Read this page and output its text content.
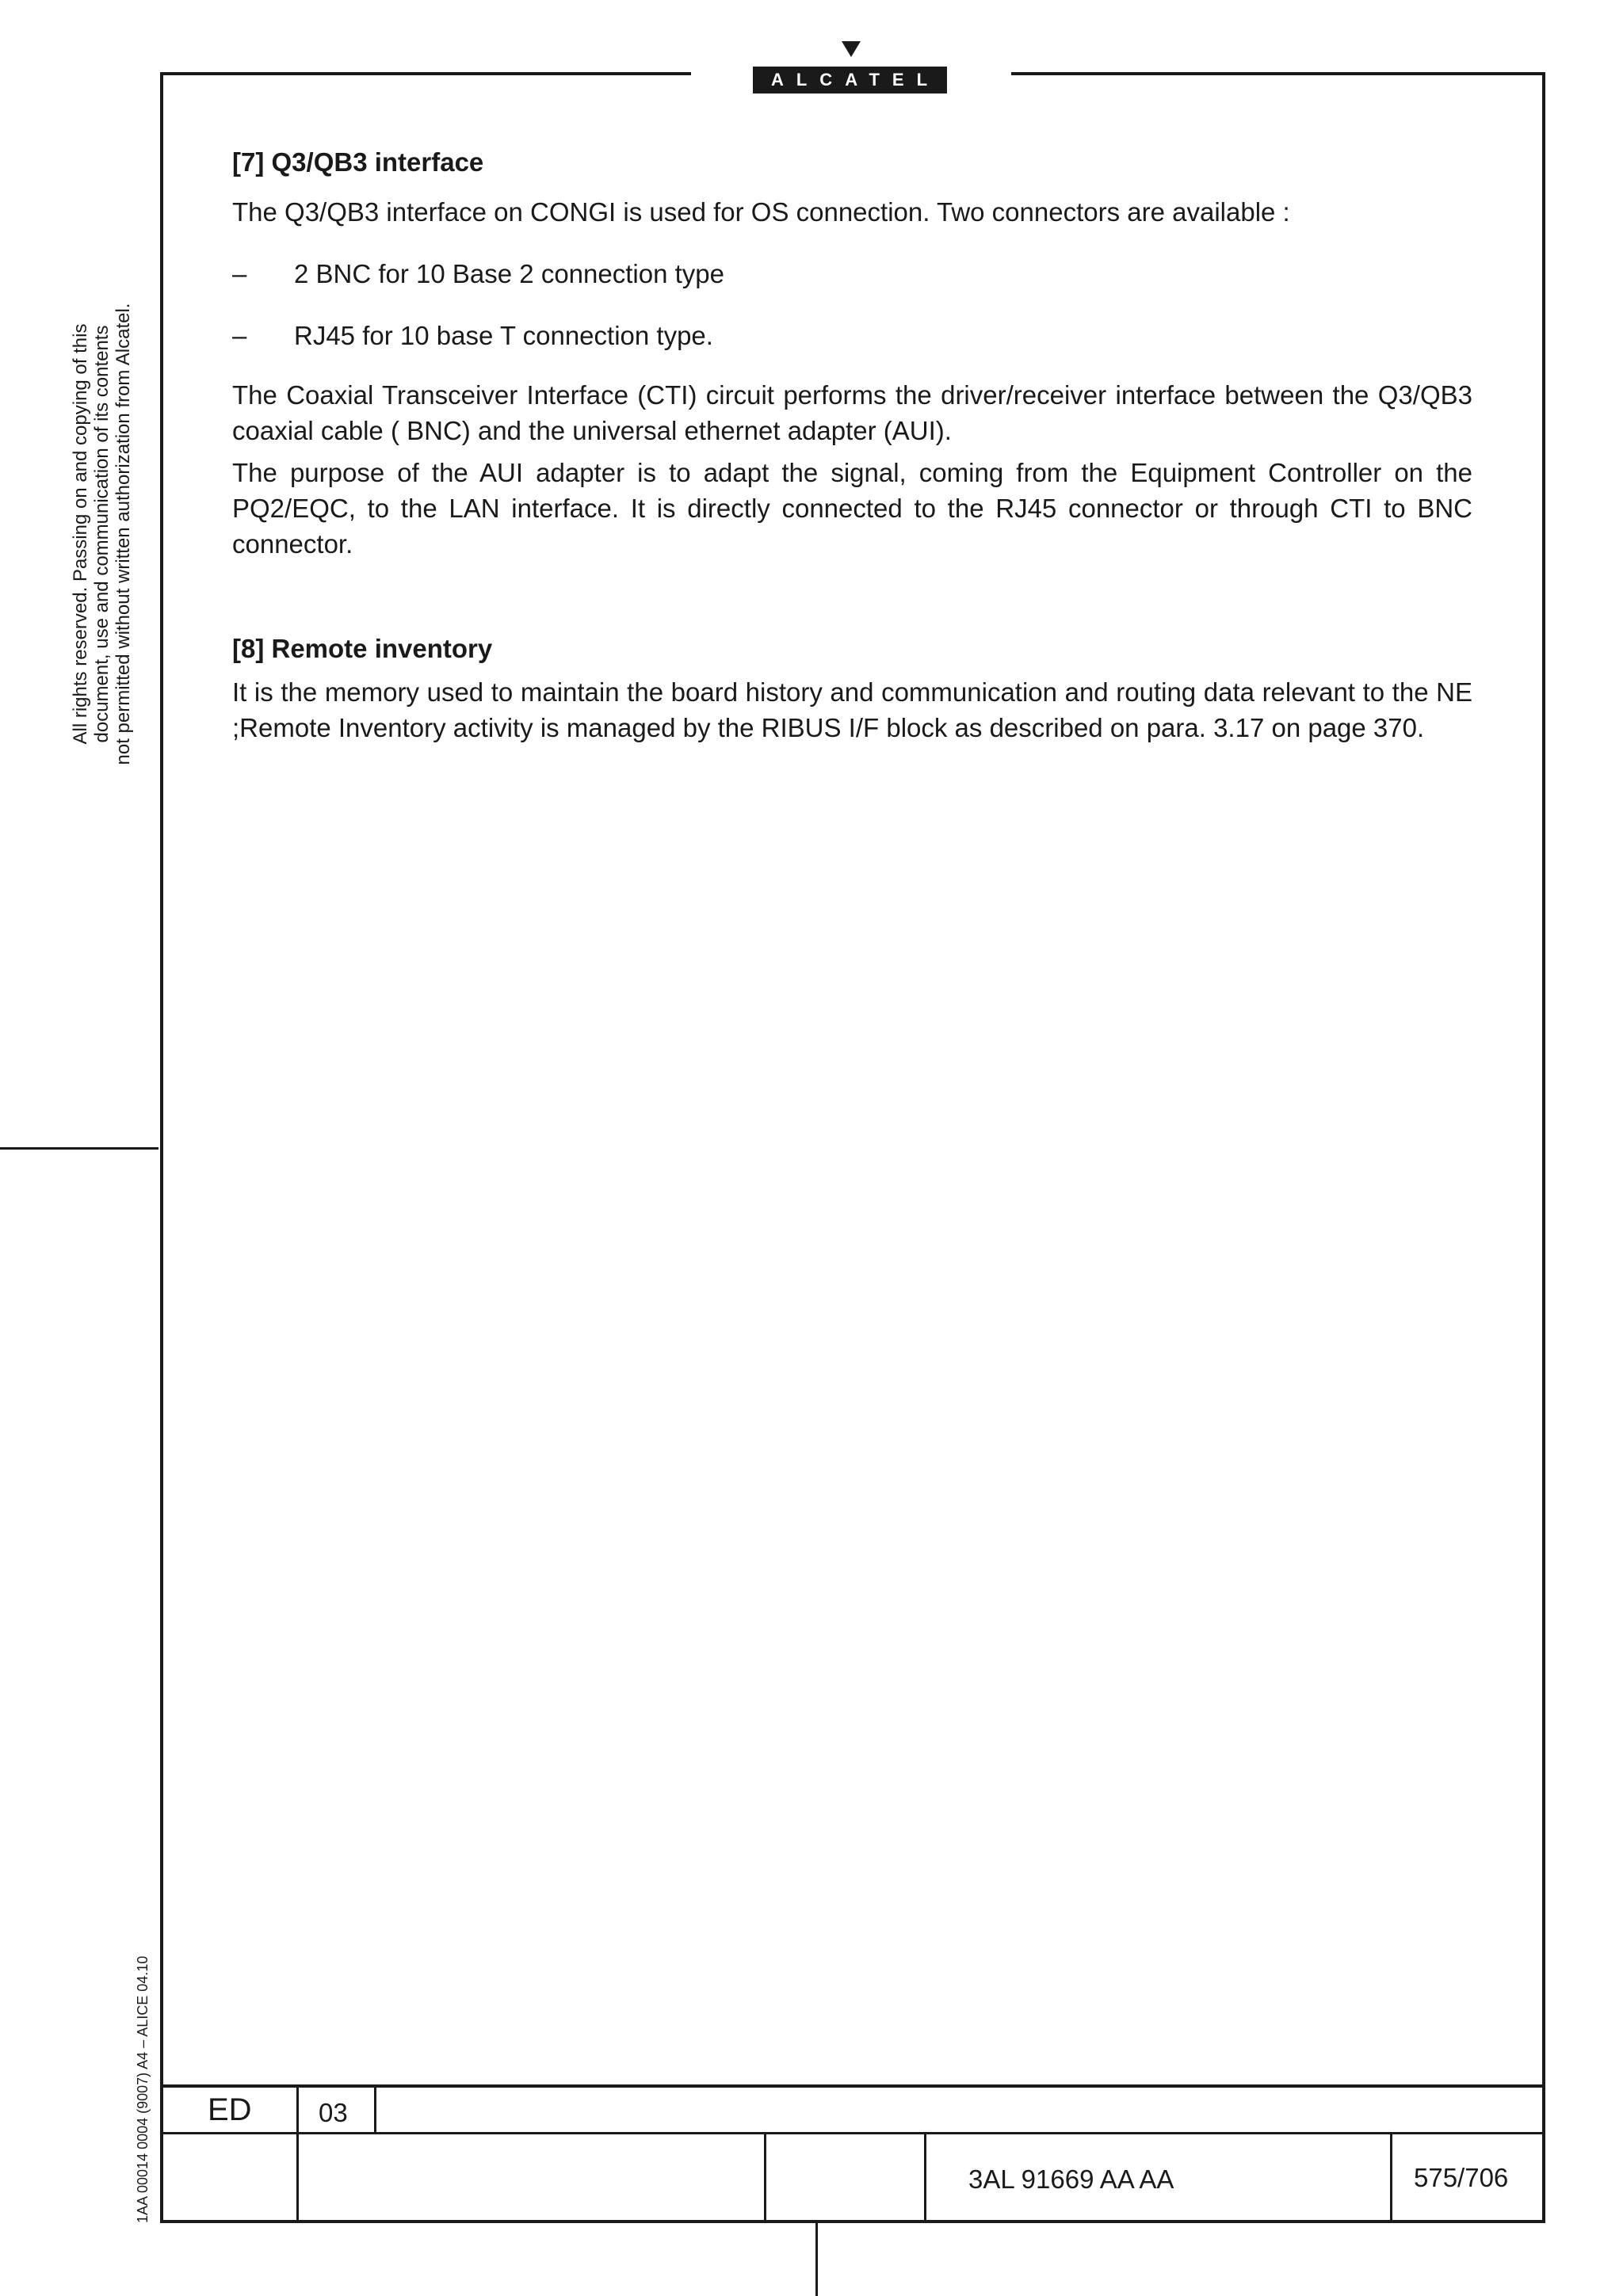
ALCATEL
All rights reserved. Passing on and copying of this document, use and communication of its contents not permitted without written authorization from Alcatel.
1AA 00014 0004 (9007) A4 – ALICE 04.10
[7] Q3/QB3 interface

The Q3/QB3 interface on CONGI is used for OS connection. Two connectors are available :

–	2 BNC for 10 Base 2 connection type
–	RJ45 for 10 base T connection type.

The Coaxial Transceiver Interface (CTI) circuit performs the driver/receiver interface between the Q3/QB3 coaxial cable ( BNC) and the universal ethernet adapter (AUI).

The purpose of the AUI adapter is to adapt the signal, coming from the Equipment Controller on the PQ2/EQC, to the LAN interface. It is directly connected to the RJ45 connector or through CTI to BNC connector.

[8] Remote inventory

It is the memory used to maintain the board history and communication and routing data relevant to the NE ;Remote Inventory activity is managed by the RIBUS I/F block as described on para. 3.17 on page 370.

ED	03
3AL 91669 AA AA	575/706
